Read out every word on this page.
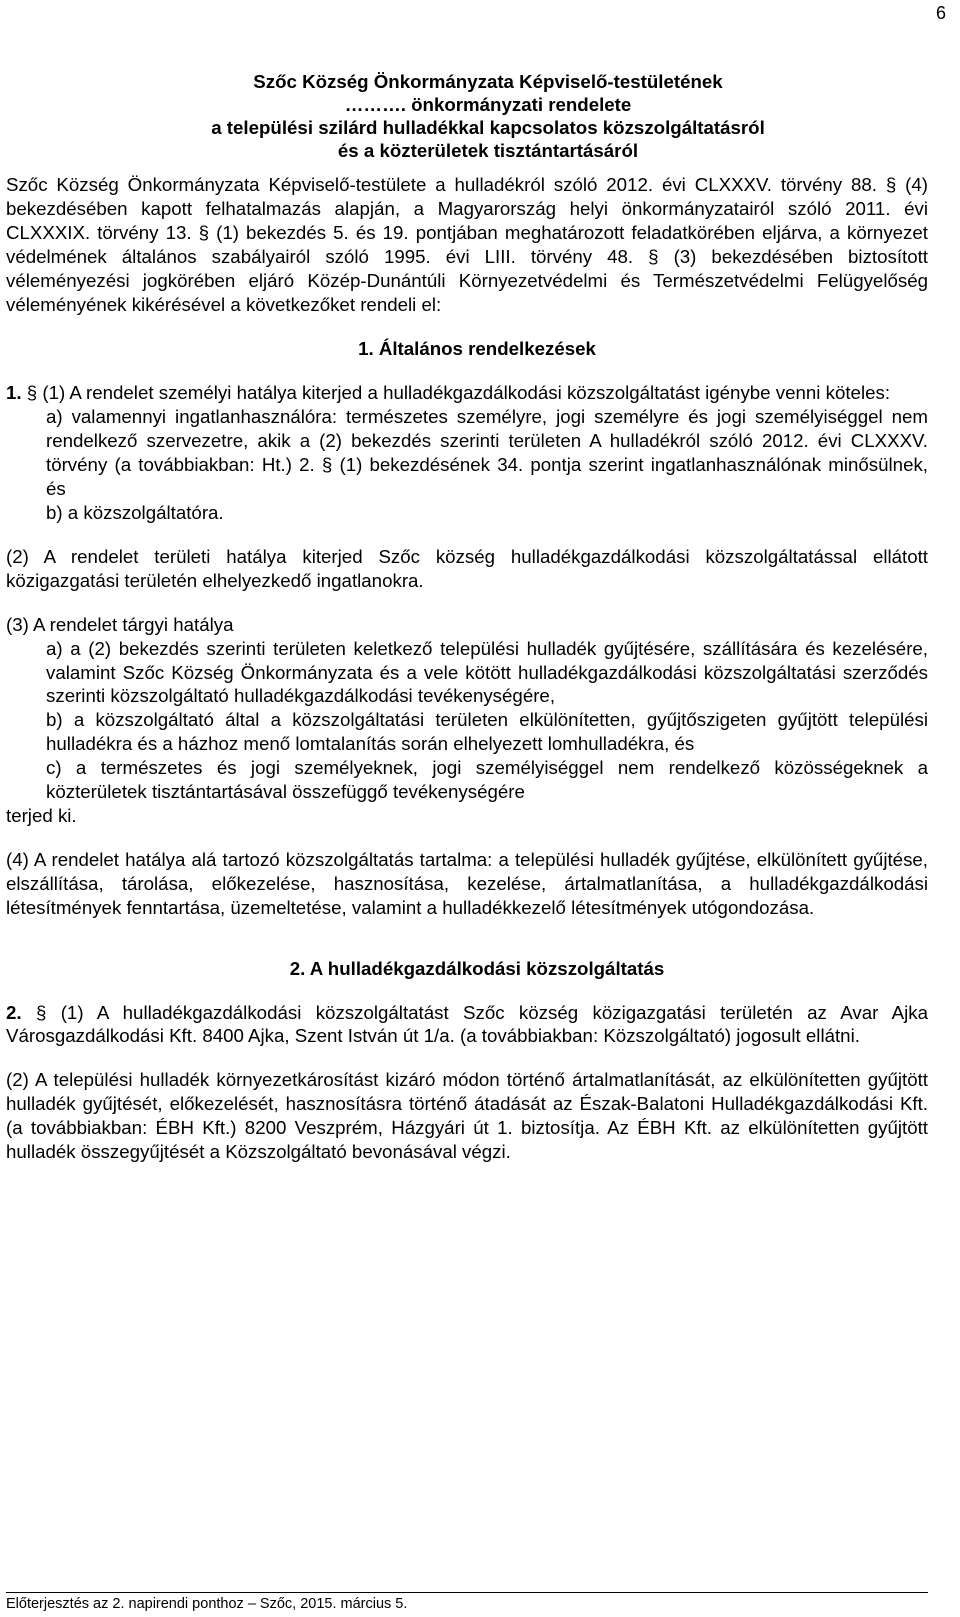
6
Szőc Község Önkormányzata Képviselő-testületének
………. önkormányzati rendelete
a települési szilárd hulladékkal kapcsolatos közszolgáltatásról
és a közterületek tisztántartásáról

Szőc Község Önkormányzata Képviselő-testülete a hulladékról szóló 2012. évi CLXXXV. törvény 88. § (4) bekezdésében kapott felhatalmazás alapján, a Magyarország helyi önkormányzatairól szóló 2011. évi CLXXXIX. törvény 13. § (1) bekezdés 5. és 19. pontjában meghatározott feladatkörében eljárva, a környezet védelmének általános szabályairól szóló 1995. évi LIII. törvény 48. § (3) bekezdésében biztosított véleményezési jogkörében eljáró Közép-Dunántúli Környezetvédelmi és Természetvédelmi Felügyelőség véleményének kikérésével a következőket rendeli el:

1. Általános rendelkezések

1. § (1) A rendelet személyi hatálya kiterjed a hulladékgazdálkodási közszolgáltatást igénybe venni köteles:

a) valamennyi ingatlanhasználóra: természetes személyre, jogi személyre és jogi személyiséggel nem rendelkező szervezetre, akik a (2) bekezdés szerinti területen A hulladékról szóló 2012. évi CLXXXV. törvény (a továbbiakban: Ht.) 2. § (1) bekezdésének 34. pontja szerint ingatlanhasználónak minősülnek, és

b) a közszolgáltatóra.

(2) A rendelet területi hatálya kiterjed Szőc község hulladékgazdálkodási közszolgáltatással ellátott közigazgatási területén elhelyezkedő ingatlanokra.

(3) A rendelet tárgyi hatálya

a) a (2) bekezdés szerinti területen keletkező települési hulladék gyűjtésére, szállítására és kezelésére, valamint Szőc Község Önkormányzata és a vele kötött hulladékgazdálkodási közszolgáltatási szerződés szerinti közszolgáltató hulladékgazdálkodási tevékenységére,

b) a közszolgáltató által a közszolgáltatási területen elkülönítetten, gyűjtőszigeten gyűjtött települési hulladékra és a házhoz menő lomtalanítás során elhelyezett lomhulladékra, és

c) a természetes és jogi személyeknek, jogi személyiséggel nem rendelkező közösségeknek a közterületek tisztántartásával összefüggő tevékenységére

terjed ki.

(4) A rendelet hatálya alá tartozó közszolgáltatás tartalma: a települési hulladék gyűjtése, elkülönített gyűjtése, elszállítása, tárolása, előkezelése, hasznosítása, kezelése, ártalmatlanítása, a hulladékgazdálkodási létesítmények fenntartása, üzemeltetése, valamint a hulladékkezelő létesítmények utógondozása.

2. A hulladékgazdálkodási közszolgáltatás

2. § (1) A hulladékgazdálkodási közszolgáltatást Szőc község közigazgatási területén az Avar Ajka Városgazdálkodási Kft. 8400 Ajka, Szent István út 1/a. (a továbbiakban: Közszolgáltató) jogosult ellátni.

(2) A települési hulladék környezetkárosítást kizáró módon történő ártalmatlanítását, az elkülönítetten gyűjtött hulladék gyűjtését, előkezelését, hasznosításra történő átadását az Észak-Balatoni Hulladékgazdálkodási Kft. (a továbbiakban: ÉBH Kft.) 8200 Veszprém, Házgyári út 1. biztosítja. Az ÉBH Kft. az elkülönítetten gyűjtött hulladék összegyűjtését a Közszolgáltató bevonásával végzi.

Előterjesztés az 2. napirendi ponthoz – Szőc, 2015. március 5.
